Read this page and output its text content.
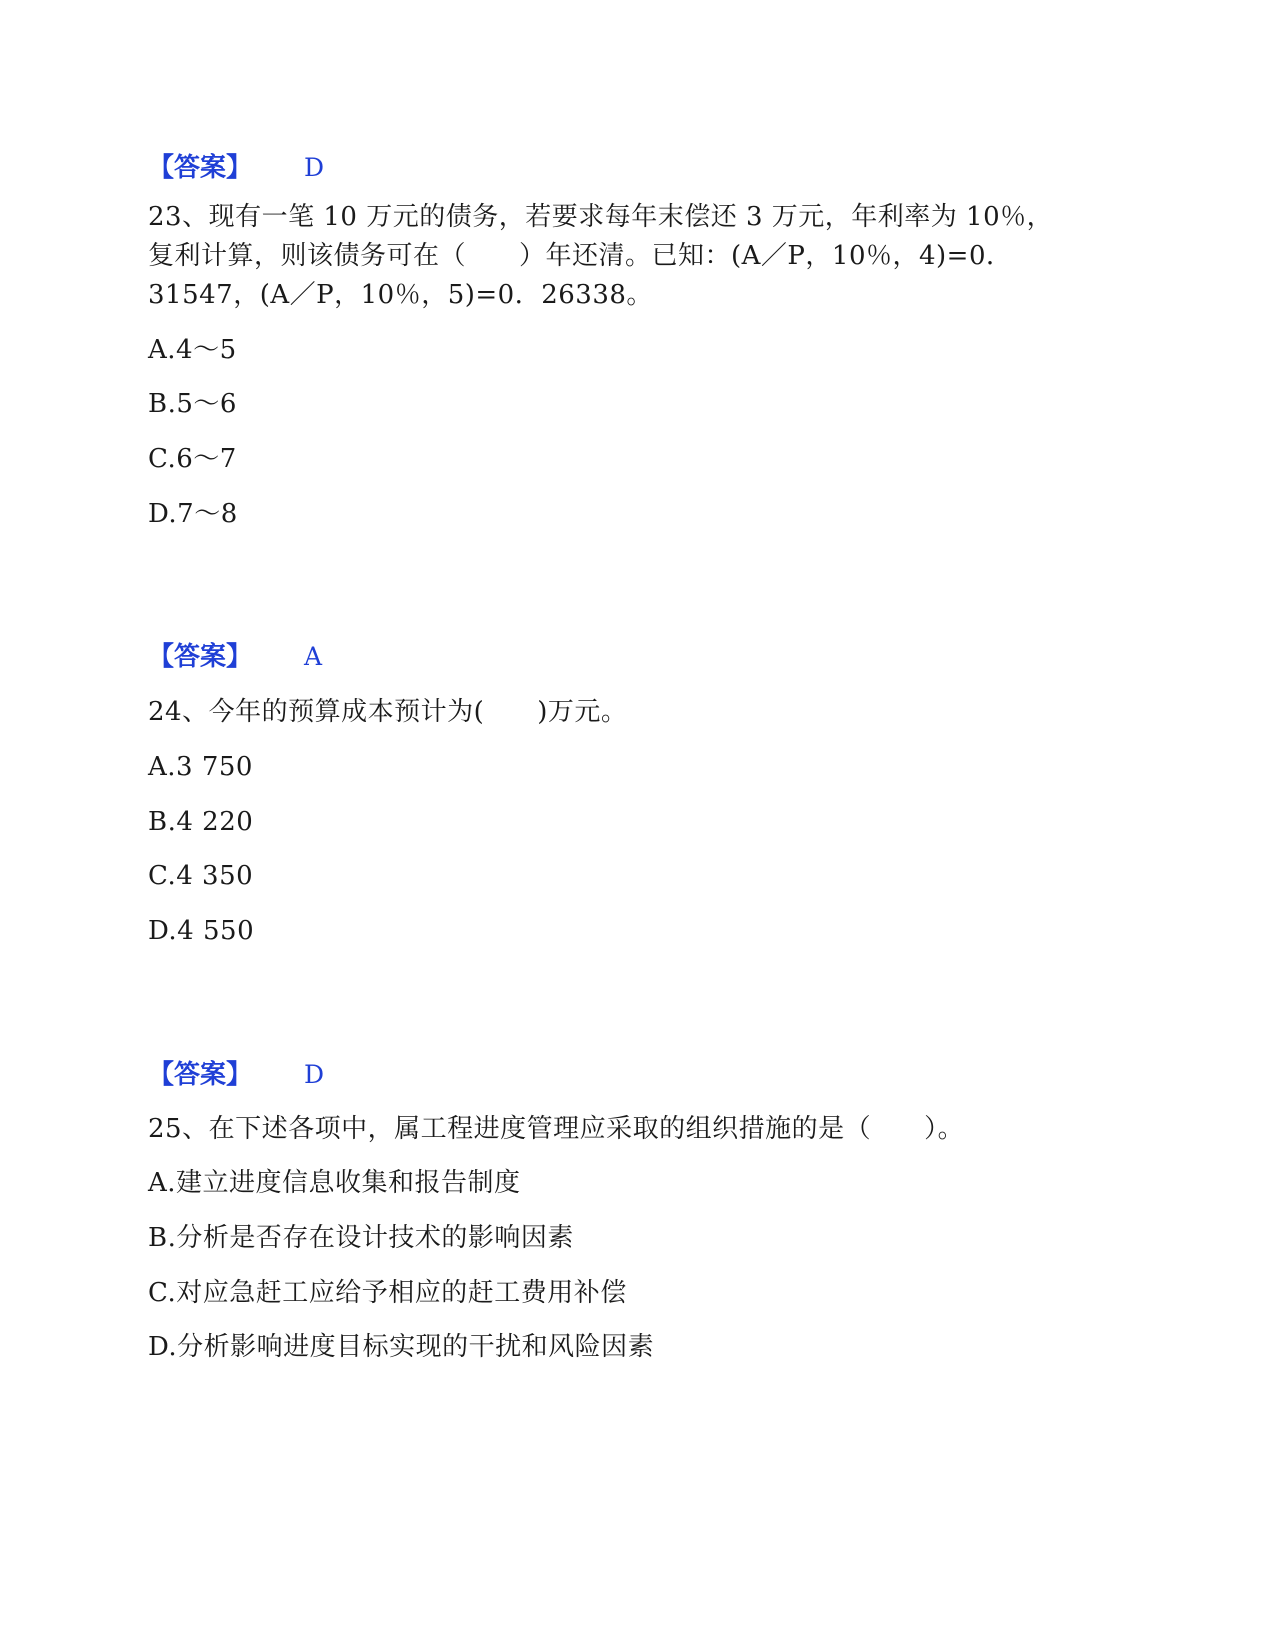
【答案】 D
23、现有一笔 10 万元的债务，若要求每年末偿还 3 万元，年利率为 10％，
复利计算，则该债务可在（　　）年还清。已知：(A／P，10％，4)=0．
31547，(A／P，10％，5)=0．26338。
A.4～5
B.5～6
C.6～7
D.7～8
【答案】 A
24、今年的预算成本预计为(　　)万元。
A.3 750
B.4 220
C.4 350
D.4 550
【答案】 D
25、在下述各项中，属工程进度管理应采取的组织措施的是（　　）。
A.建立进度信息收集和报告制度
B.分析是否存在设计技术的影响因素
C.对应急赶工应给予相应的赶工费用补偿
D.分析影响进度目标实现的干扰和风险因素
